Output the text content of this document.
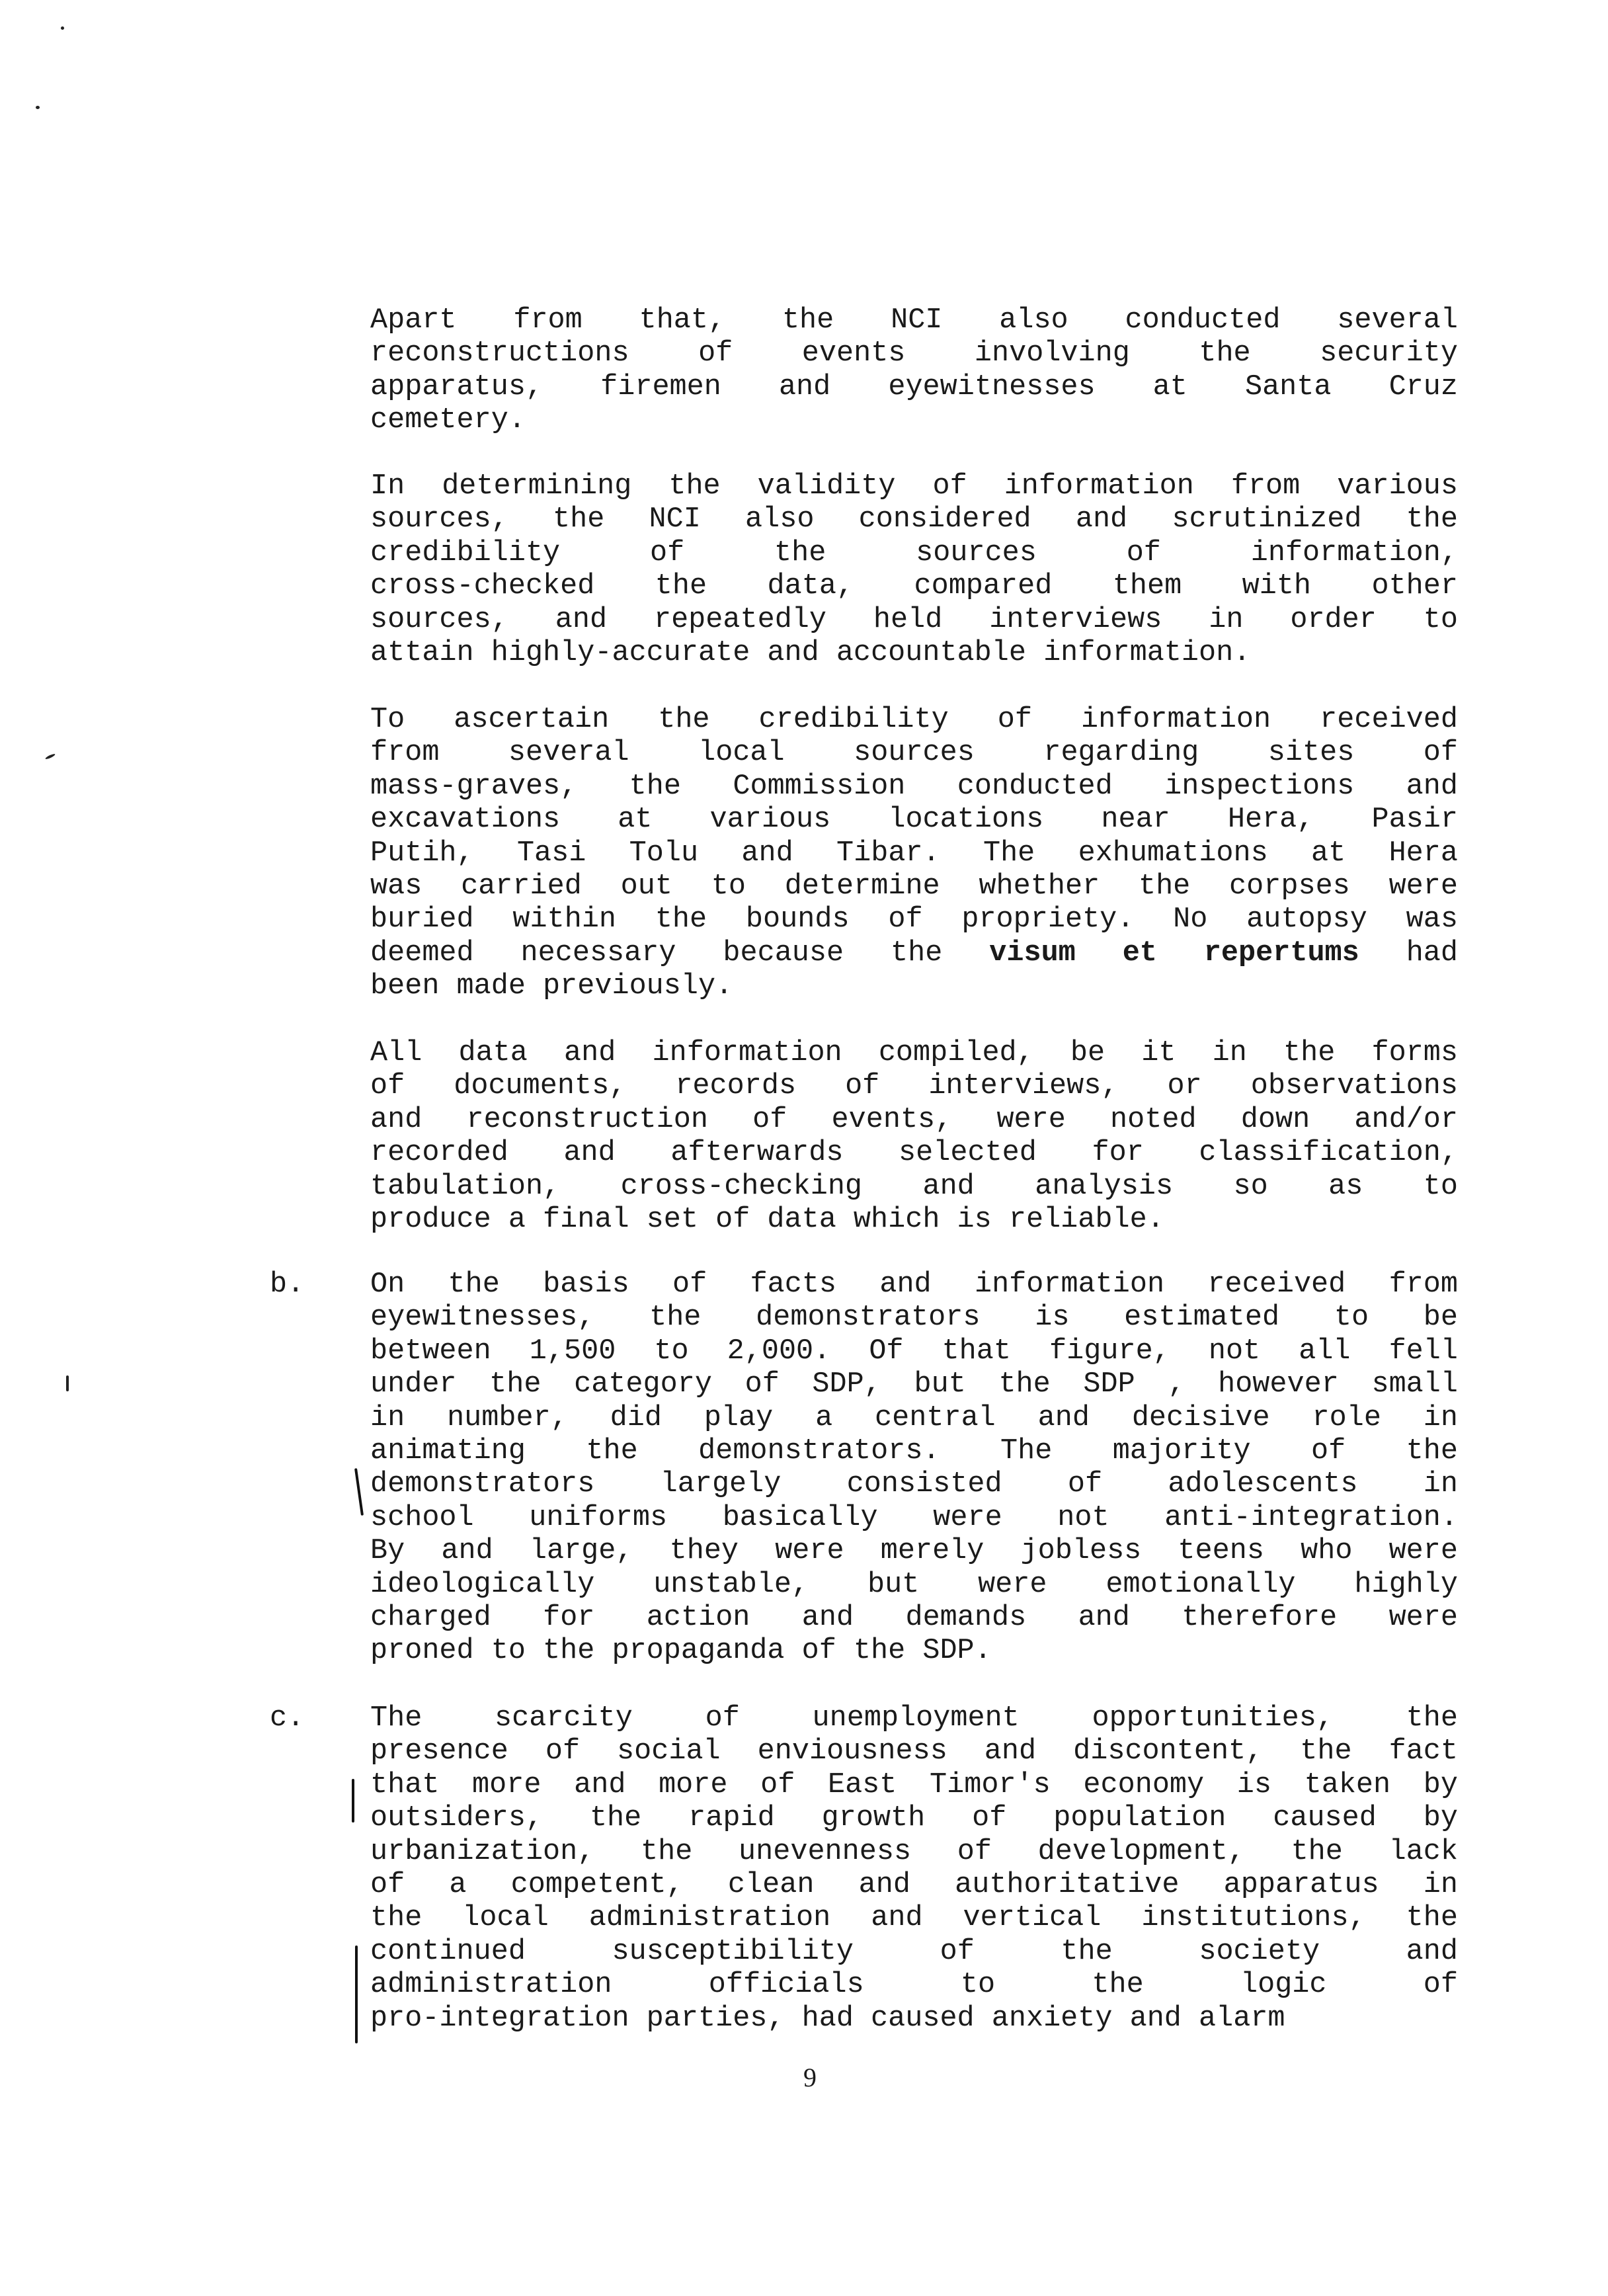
Apart from that, the NCI also conducted several
reconstructions of events involving the security
apparatus, firemen and eyewitnesses at Santa Cruz
cemetery.
In determining the validity of information from various
sources, the NCI also considered and scrutinized the
credibility of the sources of information,
cross-checked the data, compared them with other
sources, and repeatedly held interviews in order to
attain highly-accurate and accountable information.
To ascertain the credibility of information received
from several local sources regarding sites of
mass-graves, the Commission conducted inspections and
excavations at various locations near Hera, Pasir
Putih, Tasi Tolu and Tibar. The exhumations at Hera
was carried out to determine whether the corpses were
buried within the bounds of propriety. No autopsy was
deemed necessary because the visum et repertums had
been made previously.
All data and information compiled, be it in the forms
of documents, records of interviews, or observations
and reconstruction of events, were noted down and/or
recorded and afterwards selected for classification,
tabulation, cross-checking and analysis so as to
produce a final set of data which is reliable.
b. On the basis of facts and information received from
eyewitnesses, the demonstrators is estimated to be
between 1,500 to 2,000. Of that figure, not all fell
under the category of SDP, but the SDP , however small
in number, did play a central and decisive role in
animating the demonstrators. The majority of the
demonstrators largely consisted of adolescents in
school uniforms basically were not anti-integration.
By and large, they were merely jobless teens who were
ideologically unstable, but were emotionally highly
charged for action and demands and therefore were
proned to the propaganda of the SDP.
c. The scarcity of unemployment opportunities, the
presence of social enviousness and discontent, the fact
that more and more of East Timor's economy is taken by
outsiders, the rapid growth of population caused by
urbanization, the unevenness of development, the lack
of a competent, clean and authoritative apparatus in
the local administration and vertical institutions, the
continued susceptibility of the society and
administration officials to the logic of
pro-integration parties, had caused anxiety and alarm
9
